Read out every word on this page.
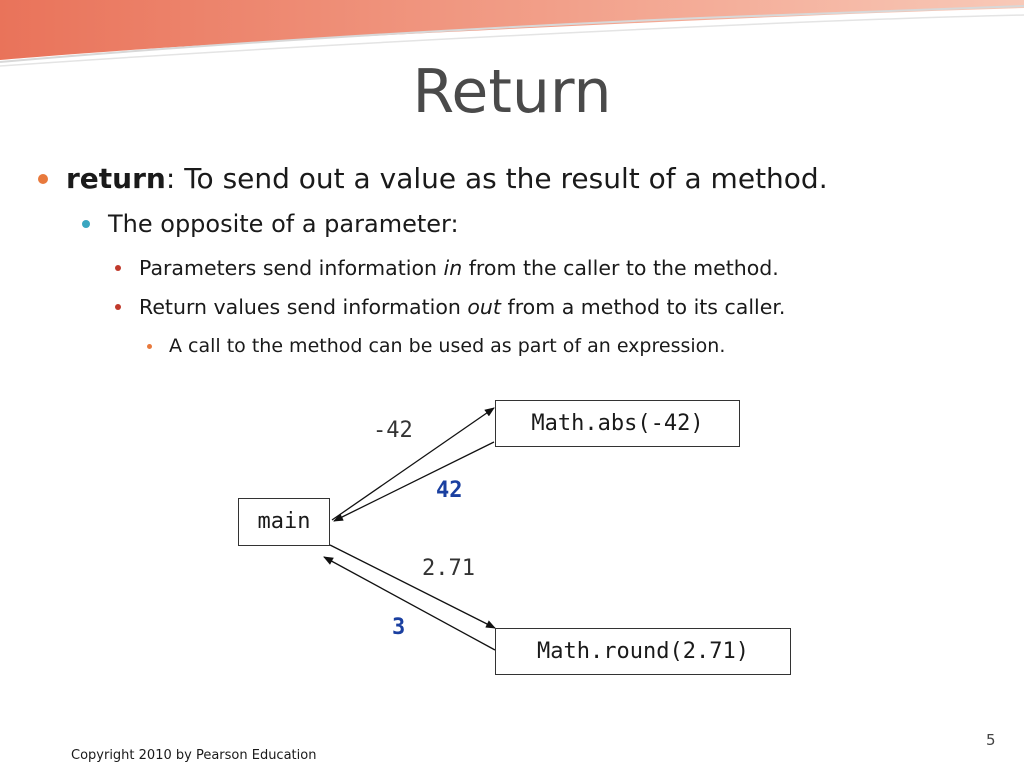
Return
return: To send out a value as the result of a method.
The opposite of a parameter:
Parameters send information in from the caller to the method.
Return values send information out from a method to its caller.
A call to the method can be used as part of an expression.
main
Math.abs(-42)
Math.round(2.71)
-42
42
2.71
3
5
Copyright 2010 by Pearson Education
